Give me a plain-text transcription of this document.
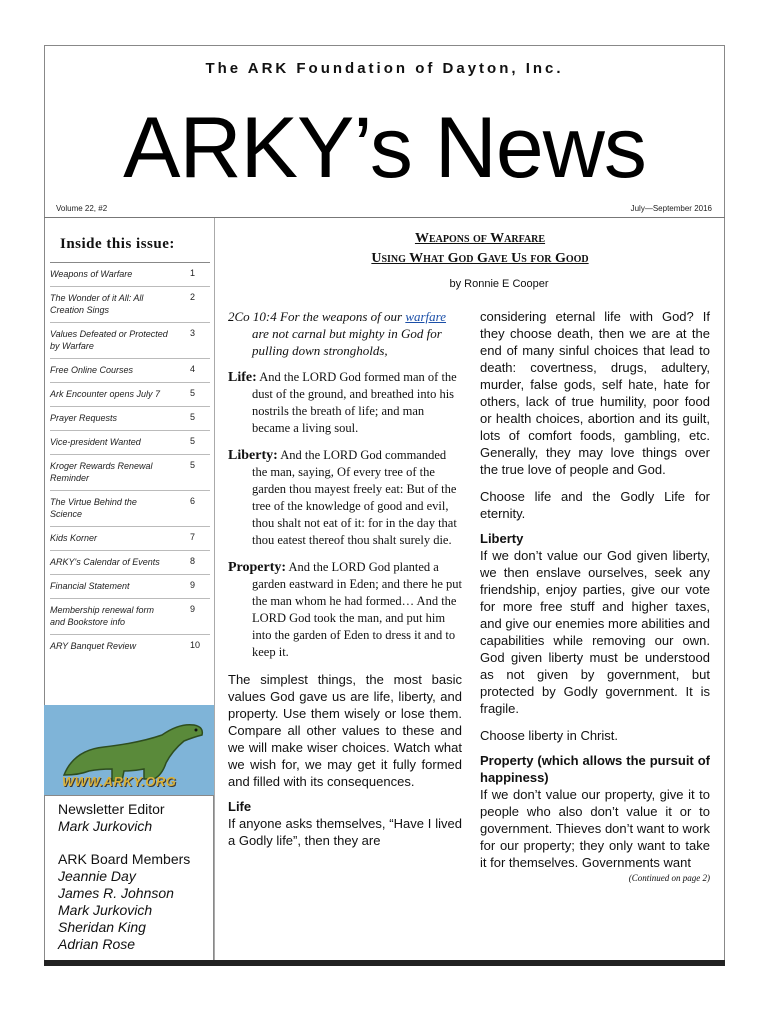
The ARK Foundation of Dayton, Inc.
ARKY’s News
Volume 22, #2	July—September 2016
Inside this issue:
Weapons of Warfare	1
The Wonder of it All: All Creation Sings
2
Values Defeated or Protected by Warfare
3
Free Online Courses	4
Ark Encounter opens July 7	5
Prayer Requests	5
Vice-president Wanted	5
Kroger Rewards Renewal Reminder
5
The Virtue Behind the Science
6
Kids Korner	7
ARKY's Calendar of Events	8
Financial Statement	9
Membership renewal form and Bookstore info
9
ARY Banquet Review	10
WWW.ARKY.ORG
Newsletter Editor
Mark Jurkovich
ARK Board Members
Jeannie Day
James R. Johnson
Mark Jurkovich
Sheridan King
Adrian Rose
Weapons of Warfare
Using What God Gave Us for Good
by Ronnie E Cooper
2Co 10:4 For the weapons of our warfare are not carnal but mighty in God for pulling down strongholds,
Life: And the LORD God formed man of the dust of the ground, and breathed into his nostrils the breath of life; and man became a living soul.
Liberty: And the LORD God commanded the man, saying, Of every tree of the garden thou mayest freely eat: But of the tree of the knowledge of good and evil, thou shalt not eat of it: for in the day that thou eatest thereof thou shalt surely die.
Property: And the LORD God planted a garden eastward in Eden; and there he put the man whom he had formed… And the LORD God took the man, and put him into the garden of Eden to dress it and to keep it.
The simplest things, the most basic values God gave us are life, liberty, and property. Use them wisely or lose them. Compare all other values to these and we will make wiser choices. Watch what we wish for, we may get it fully formed and filled with its consequences.
Life
If anyone asks themselves, “Have I lived a Godly life”, then they are
considering eternal life with God? If they choose death, then we are at the end of many sinful choices that lead to death: covertness, drugs, adultery, murder, false gods, self hate, hate for others, lack of true humility, poor food or health choices, abortion and its guilt, lots of comfort foods, gambling, etc. Generally, they may love things over the true love of people and God.
Choose life and the Godly Life for eternity.
Liberty
If we don’t value our God given liberty, we then enslave ourselves, seek any friendship, enjoy parties, give our vote for more free stuff and higher taxes, and give our enemies more abilities and capabilities while removing our own. God given liberty must be understood as not given by government, but protected by Godly government. It is fragile.
Choose liberty in Christ.
Property (which allows the pursuit of happiness)
If we don’t value our property, give it to people who also don’t value it or to government. Thieves don’t want to work for our property; they only want to take it for themselves. Governments want
(Continued on page 2)
